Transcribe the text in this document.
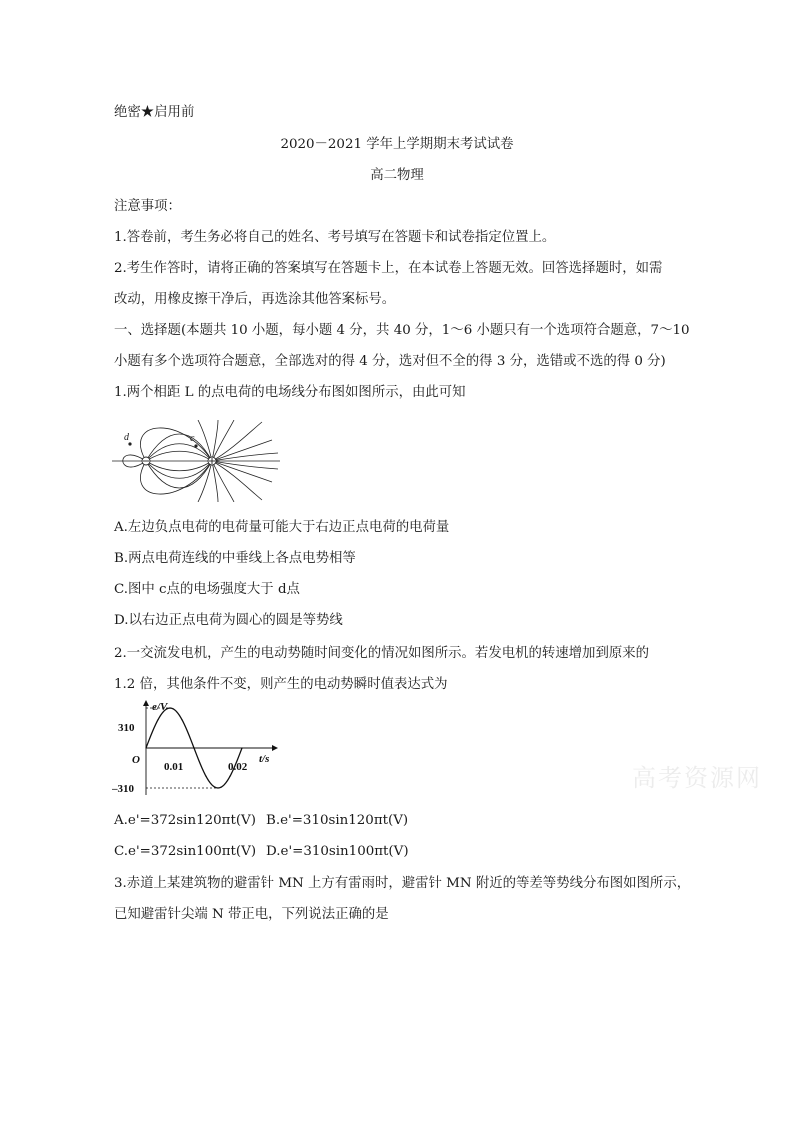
绝密★启用前
2020－2021 学年上学期期末考试试卷
高二物理
注意事项：
1.答卷前，考生务必将自己的姓名、考号填写在答题卡和试卷指定位置上。
2.考生作答时，请将正确的答案填写在答题卡上，在本试卷上答题无效。回答选择题时，如需
改动，用橡皮擦干净后，再选涂其他答案标号。
一、选择题(本题共 10 小题，每小题 4 分，共 40 分，1～6 小题只有一个选项符合题意，7～10
小题有多个选项符合题意，全部选对的得 4 分，选对但不全的得 3 分，选错或不选的得 0 分)
1.两个相距 L 的点电荷的电场线分布图如图所示，由此可知
d	c
A.左边负点电荷的电荷量可能大于右边正点电荷的电荷量
B.两点电荷连线的中垂线上各点电势相等
C.图中 c点的电场强度大于 d点
D.以右边正点电荷为圆心的圆是等势线
2.一交流发电机，产生的电动势随时间变化的情况如图所示。若发电机的转速增加到原来的
1.2 倍，其他条件不变，则产生的电动势瞬时值表达式为
e/V
t/s
O
310
–310
0.01	0.02	高考资源网
A.e'=372sin120πt(V) B.e'=310sin120πt(V)
C.e'=372sin100πt(V) D.e'=310sin100πt(V)
3.赤道上某建筑物的避雷针 MN 上方有雷雨时，避雷针 MN 附近的等差等势线分布图如图所示，
已知避雷针尖端 N 带正电，下列说法正确的是
